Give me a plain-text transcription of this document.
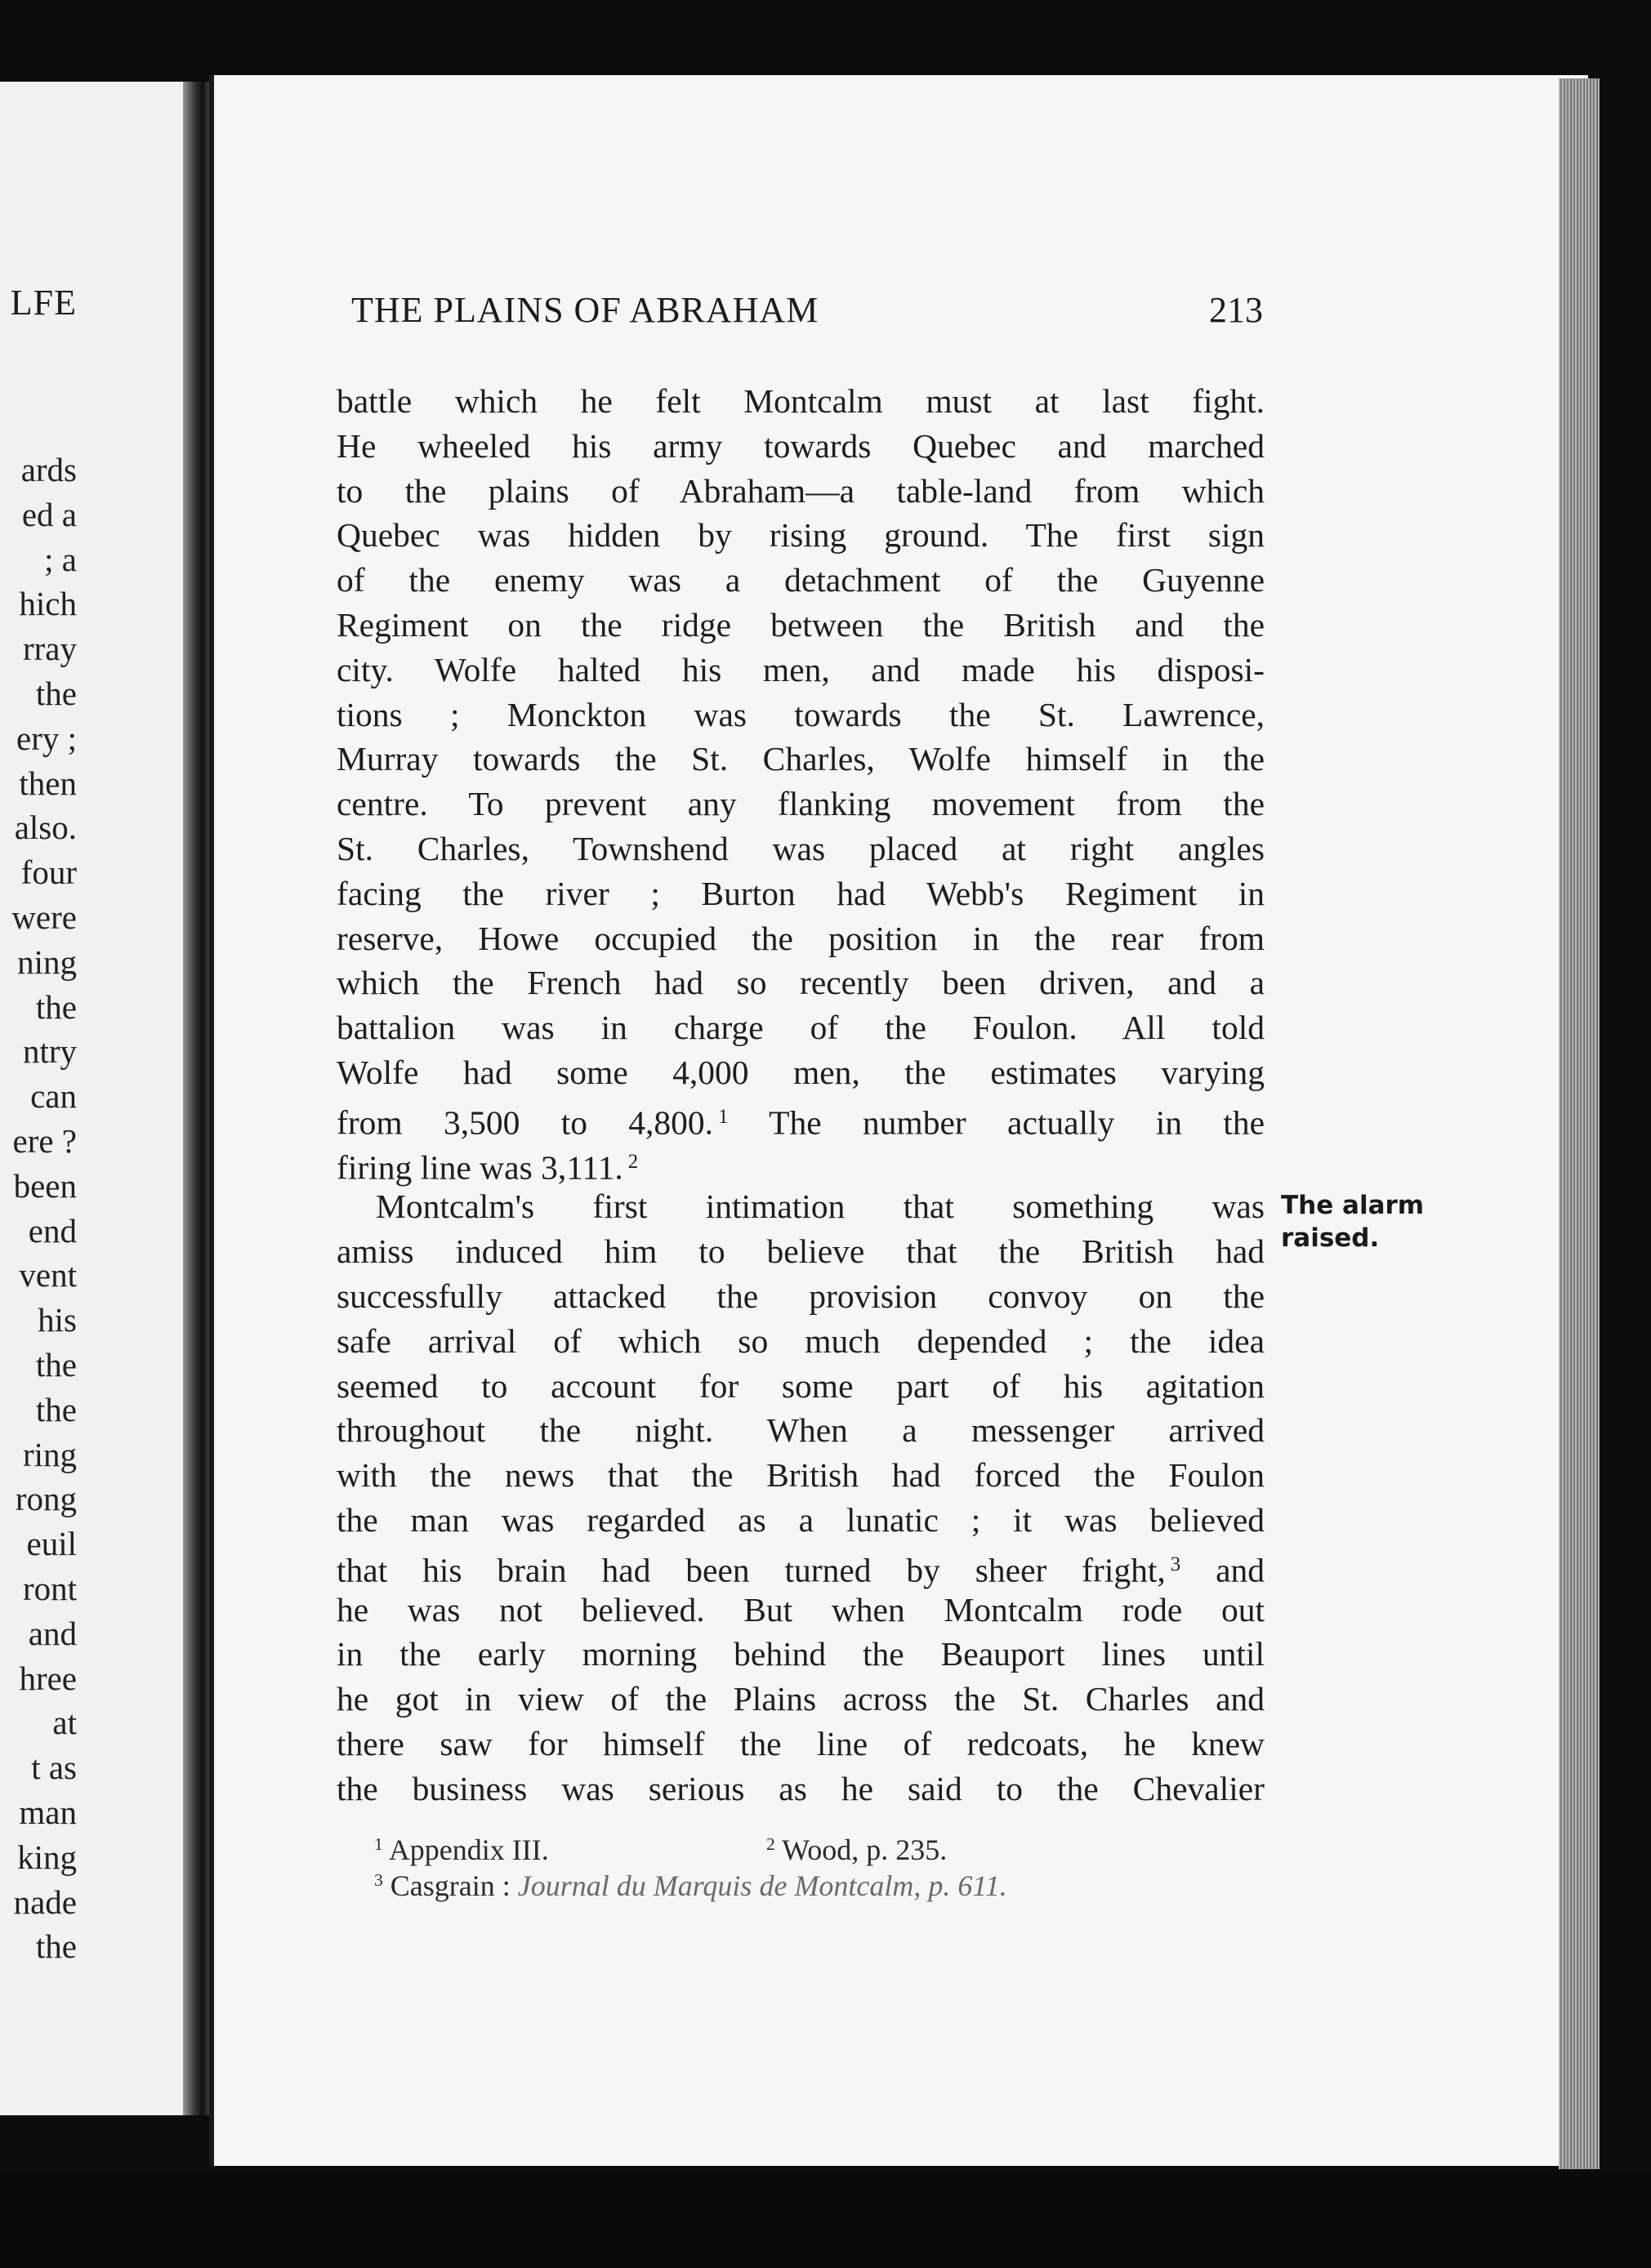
LFE
ards
ed a
; a
hich
rray
the
ery ;
then
also.
four
were
ning
the
ntry
can
ere ?
been
end
vent
his
the
the
ring
rong
euil
ront
and
hree
at
t as
man
king
nade
the
THE PLAINS OF ABRAHAM	213
battle which he felt Montcalm must at last fight.
He wheeled his army towards Quebec and marched
to the plains of Abraham—a table-land from which
Quebec was hidden by rising ground. The first sign
of the enemy was a detachment of the Guyenne
Regiment on the ridge between the British and the
city. Wolfe halted his men, and made his disposi-
tions ; Monckton was towards the St. Lawrence,
Murray towards the St. Charles, Wolfe himself in the
centre. To prevent any flanking movement from the
St. Charles, Townshend was placed at right angles
facing the river ; Burton had Webb's Regiment in
reserve, Howe occupied the position in the rear from
which the French had so recently been driven, and a
battalion was in charge of the Foulon. All told
Wolfe had some 4,000 men, the estimates varying
from 3,500 to 4,800. $^1$ The number actually in the
firing line was 3,111. $^2$
Montcalm's first intimation that something was
amiss induced him to believe that the British had
successfully attacked the provision convoy on the
safe arrival of which so much depended ; the idea
seemed to account for some part of his agitation
throughout the night. When a messenger arrived
with the news that the British had forced the Foulon
the man was regarded as a lunatic ; it was believed
that his brain had been turned by sheer fright, $^3$ and
he was not believed. But when Montcalm rode out
in the early morning behind the Beauport lines until
he got in view of the Plains across the St. Charles and
there saw for himself the line of redcoats, he knew
the business was serious as he said to the Chevalier
The alarm
raised.
$^1$ Appendix III.	$^2$ Wood, p. 235.
$^3$ Casgrain : Journal du Marquis de Montcalm, p. 611.
